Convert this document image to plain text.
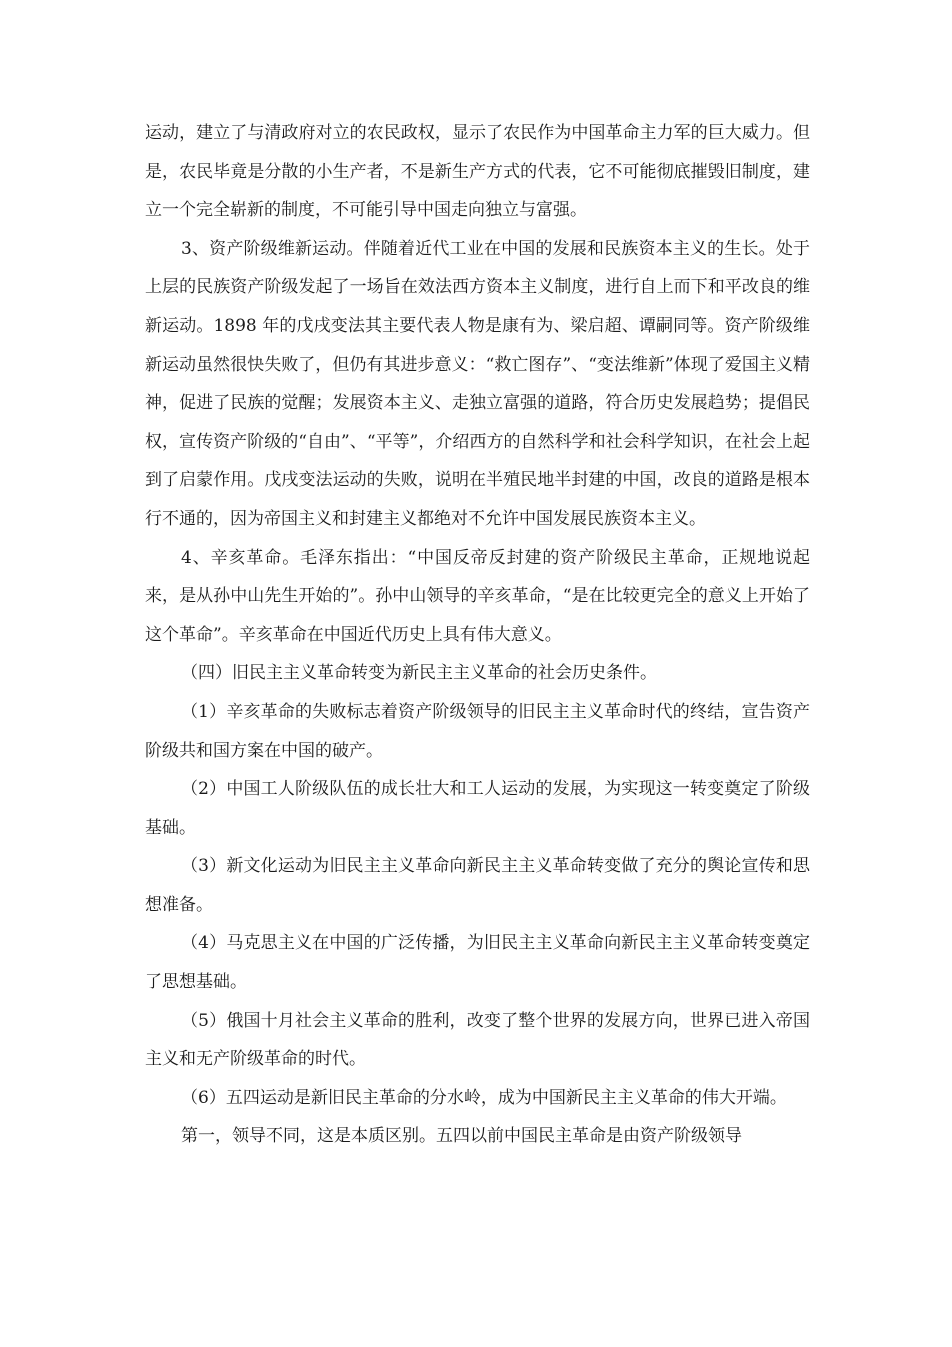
运动，建立了与清政府对立的农民政权，显示了农民作为中国革命主力军的巨大威力。但是，农民毕竟是分散的小生产者，不是新生产方式的代表，它不可能彻底摧毁旧制度，建立一个完全崭新的制度，不可能引导中国走向独立与富强。

3、资产阶级维新运动。伴随着近代工业在中国的发展和民族资本主义的生长。处于上层的民族资产阶级发起了一场旨在效法西方资本主义制度，进行自上而下和平改良的维新运动。1898 年的戊戌变法其主要代表人物是康有为、梁启超、谭嗣同等。资产阶级维新运动虽然很快失败了，但仍有其进步意义：“救亡图存”、“变法维新”体现了爱国主义精神，促进了民族的觉醒；发展资本主义、走独立富强的道路，符合历史发展趋势；提倡民权，宣传资产阶级的“自由”、“平等”，介绍西方的自然科学和社会科学知识，在社会上起到了启蒙作用。戊戌变法运动的失败，说明在半殖民地半封建的中国，改良的道路是根本行不通的，因为帝国主义和封建主义都绝对不允许中国发展民族资本主义。

4、辛亥革命。毛泽东指出：“中国反帝反封建的资产阶级民主革命，正规地说起来，是从孙中山先生开始的”。孙中山领导的辛亥革命，“是在比较更完全的意义上开始了这个革命”。辛亥革命在中国近代历史上具有伟大意义。

（四）旧民主主义革命转变为新民主主义革命的社会历史条件。

（1）辛亥革命的失败标志着资产阶级领导的旧民主主义革命时代的终结，宣告资产阶级共和国方案在中国的破产。

（2）中国工人阶级队伍的成长壮大和工人运动的发展，为实现这一转变奠定了阶级基础。

（3）新文化运动为旧民主主义革命向新民主主义革命转变做了充分的舆论宣传和思想准备。

（4）马克思主义在中国的广泛传播，为旧民主主义革命向新民主主义革命转变奠定了思想基础。

（5）俄国十月社会主义革命的胜利，改变了整个世界的发展方向，世界已进入帝国主义和无产阶级革命的时代。

（6）五四运动是新旧民主革命的分水岭，成为中国新民主主义革命的伟大开端。

第一，领导不同，这是本质区别。五四以前中国民主革命是由资产阶级领导
